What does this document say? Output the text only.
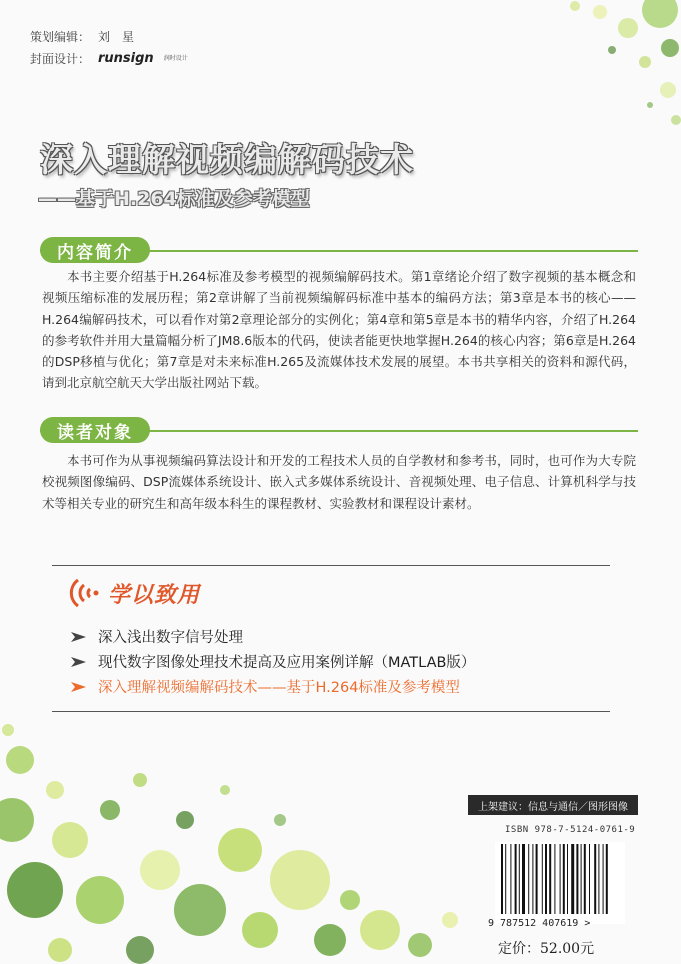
策划编辑： 刘　星
封面设计： runsign 润时设计
深入理解视频编解码技术
——基于H.264标准及参考模型
内容简介

本书主要介绍基于H.264标准及参考模型的视频编解码技术。第1章绪论介绍了数字视频的基本概念和视频压缩标准的发展历程；第2章讲解了当前视频编解码标准中基本的编码方法；第3章是本书的核心——H.264编解码技术，可以看作对第2章理论部分的实例化；第4章和第5章是本书的精华内容，介绍了H.264的参考软件并用大量篇幅分析了JM8.6版本的代码，使读者能更快地掌握H.264的核心内容；第6章是H.264的DSP移植与优化；第7章是对未来标准H.265及流媒体技术发展的展望。本书共享相关的资料和源代码，请到北京航空航天大学出版社网站下载。

读者对象

本书可作为从事视频编码算法设计和开发的工程技术人员的自学教材和参考书，同时，也可作为大专院校视频图像编码、DSP流媒体系统设计、嵌入式多媒体系统设计、音视频处理、电子信息、计算机科学与技术等相关专业的研究生和高年级本科生的课程教材、实验教材和课程设计素材。

学以致用
深入浅出数字信号处理
现代数字图像处理技术提高及应用案例详解（MATLAB版）
深入理解视频编解码技术——基于H.264标准及参考模型
上架建议：信息与通信／图形图像
ISBN 978-7-5124-0761-9
9 787512 407619 >
定价：52.00元
